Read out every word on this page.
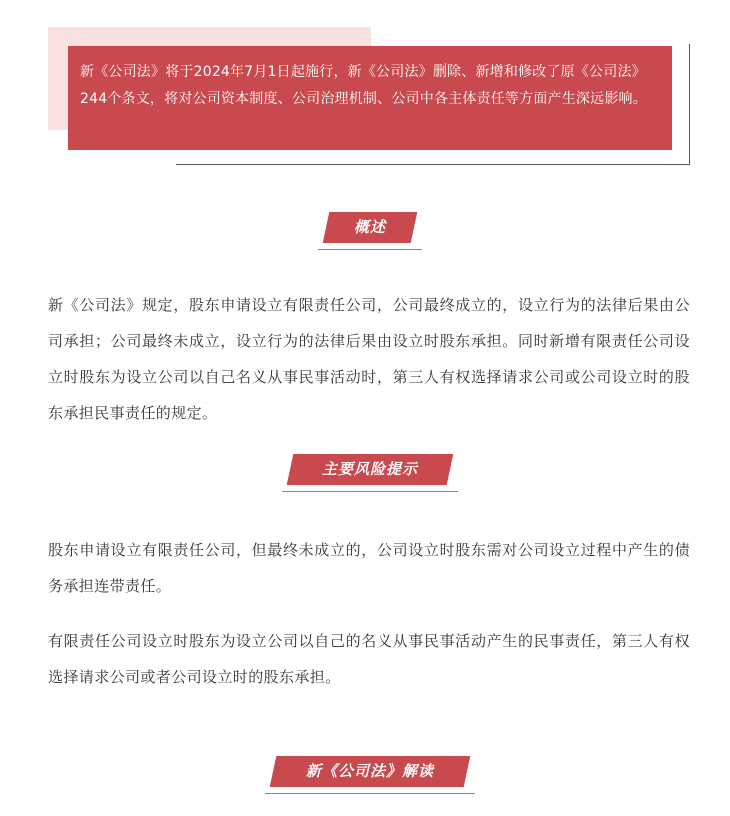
新《公司法》将于2024年7月1日起施行，新《公司法》删除、新增和修改了原《公司法》244个条文，将对公司资本制度、公司治理机制、公司中各主体责任等方面产生深远影响。

概述

新《公司法》规定，股东申请设立有限责任公司，公司最终成立的，设立行为的法律后果由公司承担；公司最终未成立，设立行为的法律后果由设立时股东承担。同时新增有限责任公司设立时股东为设立公司以自己名义从事民事活动时，第三人有权选择请求公司或公司设立时的股东承担民事责任的规定。

主要风险提示

股东申请设立有限责任公司，但最终未成立的，公司设立时股东需对公司设立过程中产生的债务承担连带责任。

有限责任公司设立时股东为设立公司以自己的名义从事民事活动产生的民事责任，第三人有权选择请求公司或者公司设立时的股东承担。

新《公司法》解读
